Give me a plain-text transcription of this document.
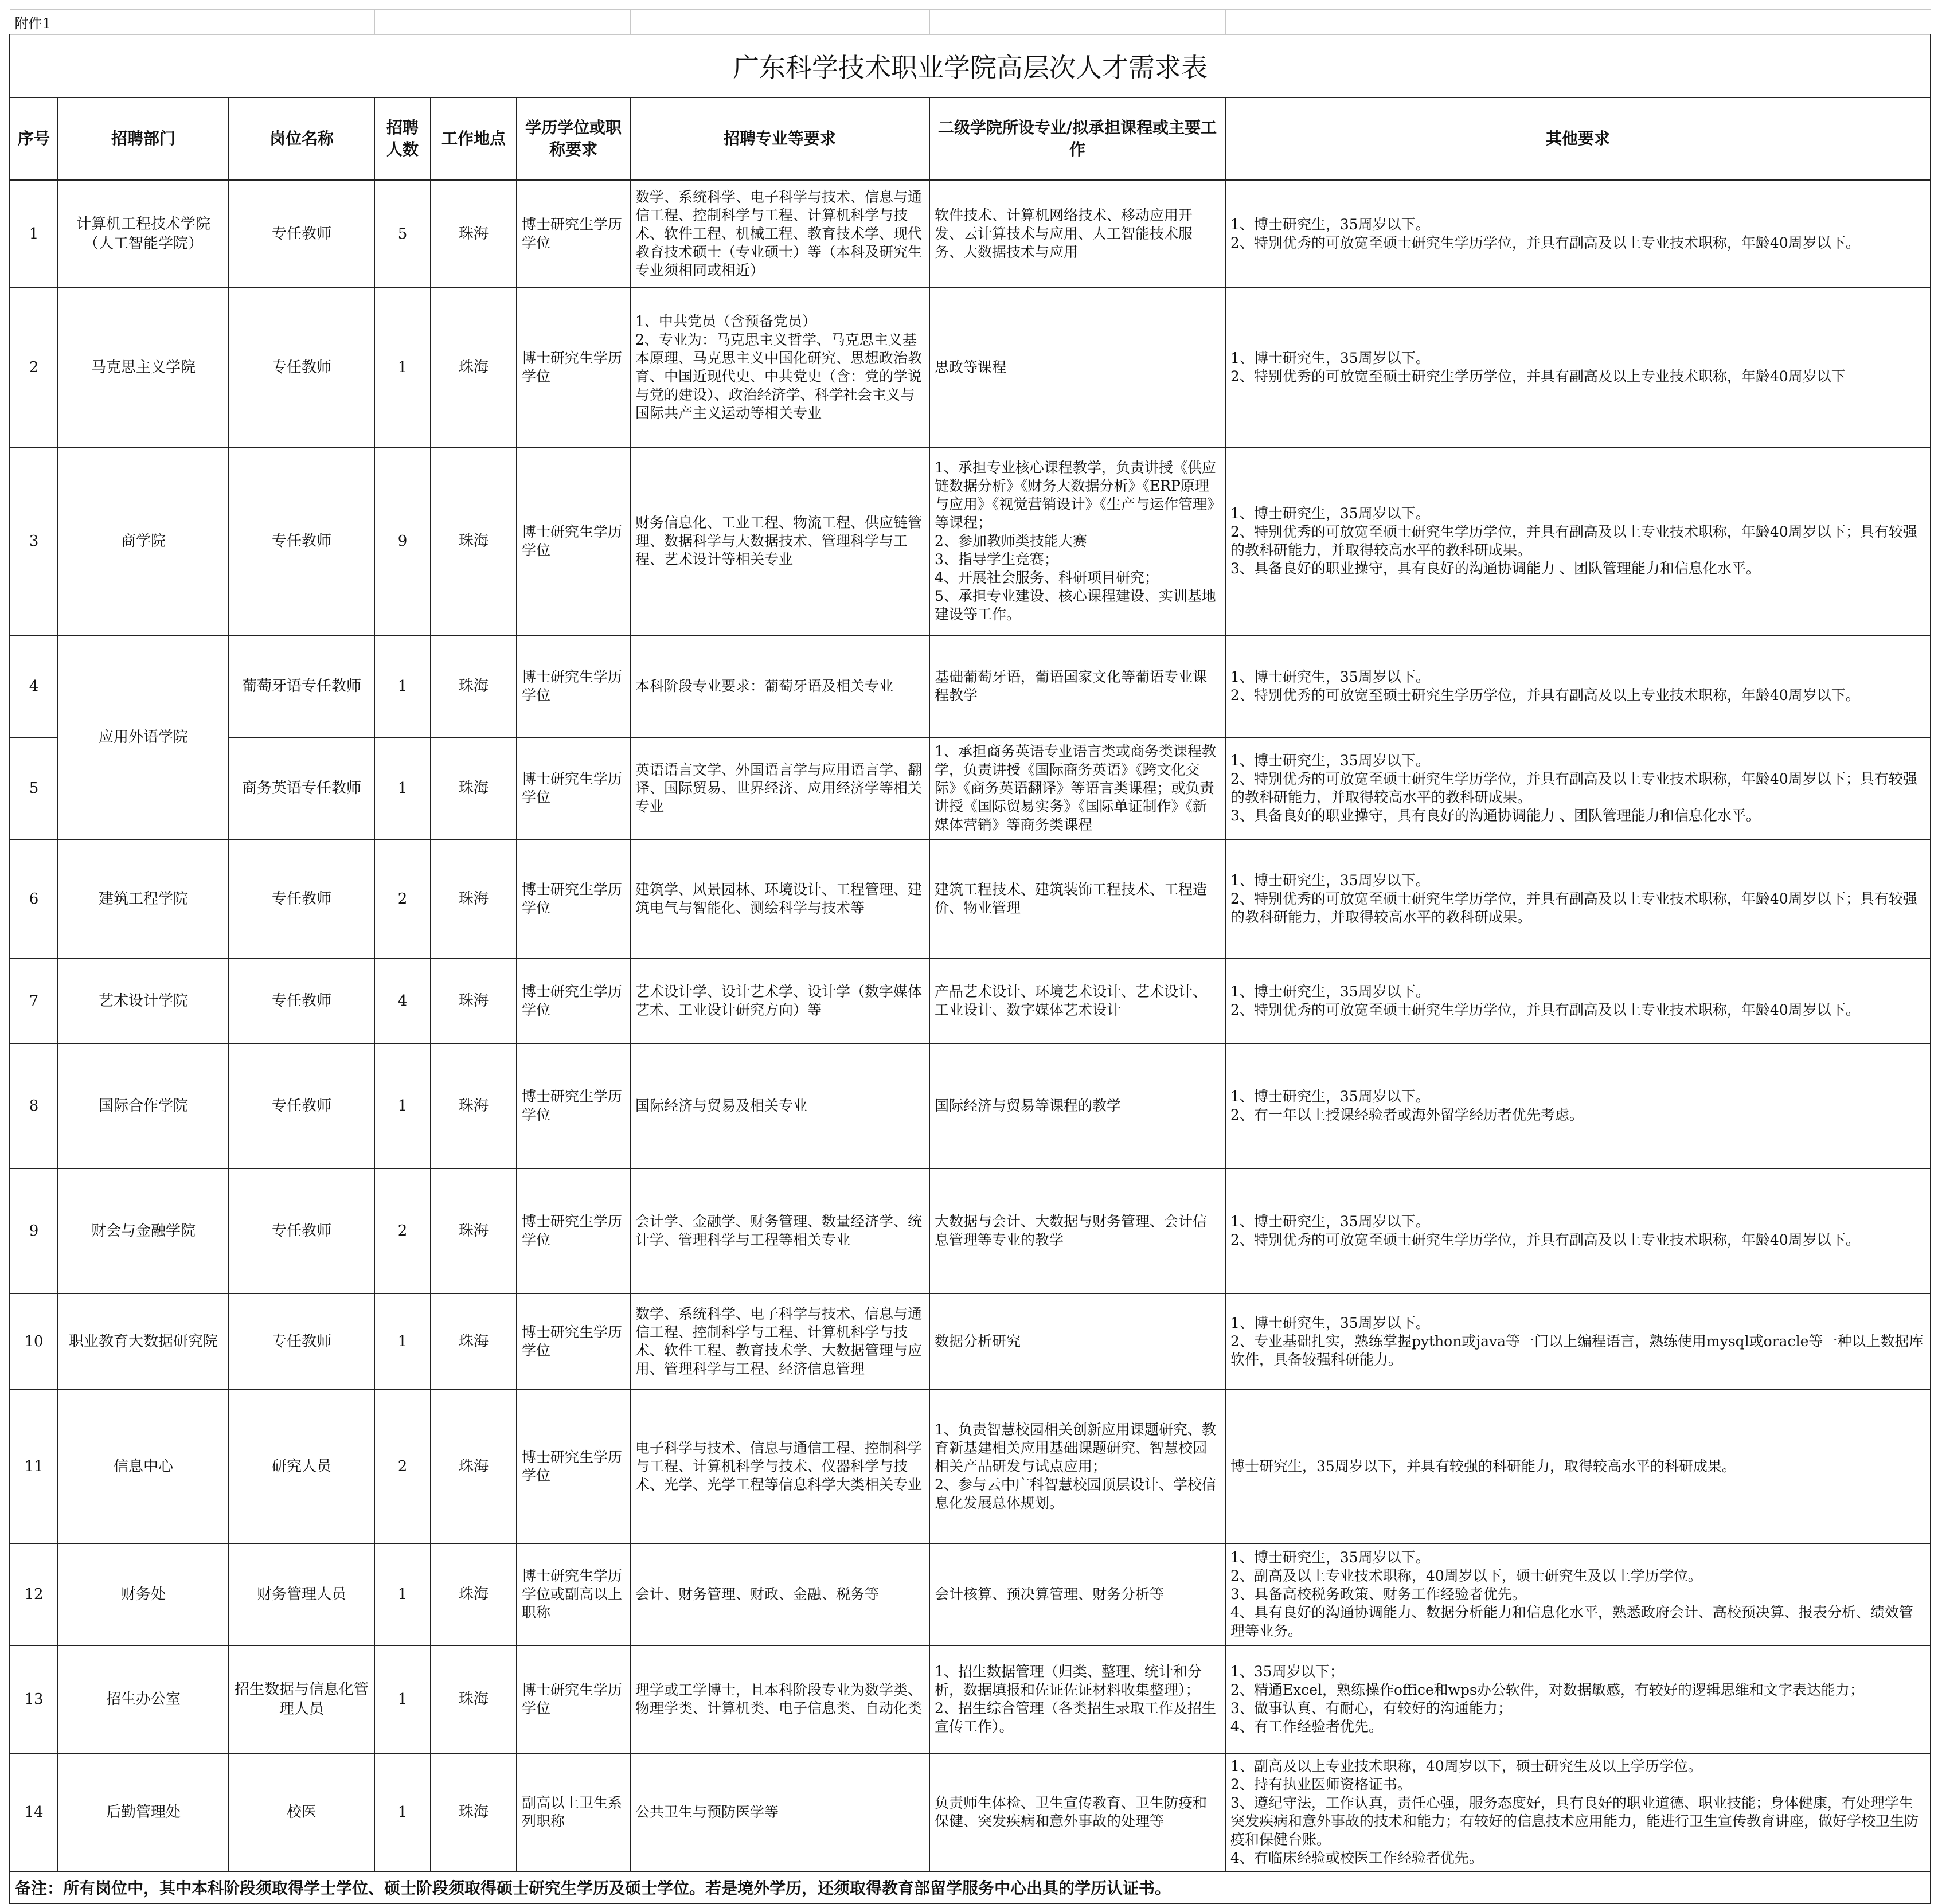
附件1								
广东科学技术职业学院高层次人才需求表								
序号	招聘部门	岗位名称	招聘人数	工作地点	学历学位或职称要求	招聘专业等要求	二级学院所设专业/拟承担课程或主要工作	其他要求
1	计算机工程技术学院（人工智能学院）	专任教师	5	珠海	博士研究生学历学位	数学、系统科学、电子科学与技术、信息与通信工程、控制科学与工程、计算机科学与技术、软件工程、机械工程、教育技术学、现代教育技术硕士（专业硕士）等（本科及研究生专业须相同或相近）	软件技术、计算机网络技术、移动应用开发、云计算技术与应用、人工智能技术服务、大数据技术与应用	1、博士研究生，35周岁以下。
2、特别优秀的可放宽至硕士研究生学历学位，并具有副高及以上专业技术职称，年龄40周岁以下。
2	马克思主义学院	专任教师	1	珠海	博士研究生学历学位	1、中共党员（含预备党员）
2、专业为：马克思主义哲学、马克思主义基本原理、马克思主义中国化研究、思想政治教育、中国近现代史、中共党史（含：党的学说与党的建设）、政治经济学、科学社会主义与国际共产主义运动等相关专业	思政等课程	1、博士研究生，35周岁以下。
2、特别优秀的可放宽至硕士研究生学历学位，并具有副高及以上专业技术职称，年龄40周岁以下
3	商学院	专任教师	9	珠海	博士研究生学历学位	财务信息化、工业工程、物流工程、供应链管理、数据科学与大数据技术、管理科学与工程、艺术设计等相关专业	1、承担专业核心课程教学，负责讲授《供应链数据分析》《财务大数据分析》《ERP原理与应用》《视觉营销设计》《生产与运作管理》等课程；
2、参加教师类技能大赛
3、指导学生竞赛；
4、开展社会服务、科研项目研究；
5、承担专业建设、核心课程建设、实训基地建设等工作。	1、博士研究生，35周岁以下。
2、特别优秀的可放宽至硕士研究生学历学位，并具有副高及以上专业技术职称，年龄40周岁以下；具有较强的教科研能力，并取得较高水平的教科研成果。
3、具备良好的职业操守，具有良好的沟通协调能力 、团队管理能力和信息化水平。
4	应用外语学院	葡萄牙语专任教师	1	珠海	博士研究生学历学位	本科阶段专业要求：葡萄牙语及相关专业	基础葡萄牙语，葡语国家文化等葡语专业课程教学	1、博士研究生，35周岁以下。
2、特别优秀的可放宽至硕士研究生学历学位，并具有副高及以上专业技术职称，年龄40周岁以下。
5		商务英语专任教师	1	珠海	博士研究生学历学位	英语语言文学、外国语言学与应用语言学、翻译、国际贸易、世界经济、应用经济学等相关专业	1、承担商务英语专业语言类或商务类课程教学，负责讲授《国际商务英语》《跨文化交际》《商务英语翻译》等语言类课程；或负责讲授《国际贸易实务》《国际单证制作》《新媒体营销》等商务类课程	1、博士研究生，35周岁以下。
2、特别优秀的可放宽至硕士研究生学历学位，并具有副高及以上专业技术职称，年龄40周岁以下；具有较强的教科研能力，并取得较高水平的教科研成果。
3、具备良好的职业操守，具有良好的沟通协调能力 、团队管理能力和信息化水平。
6	建筑工程学院	专任教师	2	珠海	博士研究生学历学位	建筑学、风景园林、环境设计、工程管理、建筑电气与智能化、测绘科学与技术等	建筑工程技术、建筑装饰工程技术、工程造价、物业管理	1、博士研究生，35周岁以下。
2、特别优秀的可放宽至硕士研究生学历学位，并具有副高及以上专业技术职称，年龄40周岁以下；具有较强的教科研能力，并取得较高水平的教科研成果。
7	艺术设计学院	专任教师	4	珠海	博士研究生学历学位	艺术设计学、设计艺术学、设计学（数字媒体艺术、工业设计研究方向）等	产品艺术设计、环境艺术设计、艺术设计、工业设计、数字媒体艺术设计	1、博士研究生，35周岁以下。
2、特别优秀的可放宽至硕士研究生学历学位，并具有副高及以上专业技术职称，年龄40周岁以下。
8	国际合作学院	专任教师	1	珠海	博士研究生学历学位	国际经济与贸易及相关专业	国际经济与贸易等课程的教学	1、博士研究生，35周岁以下。
2、有一年以上授课经验者或海外留学经历者优先考虑。
9	财会与金融学院	专任教师	2	珠海	博士研究生学历学位	会计学、金融学、财务管理、数量经济学、统计学、管理科学与工程等相关专业	大数据与会计、大数据与财务管理、会计信息管理等专业的教学	1、博士研究生，35周岁以下。
2、特别优秀的可放宽至硕士研究生学历学位，并具有副高及以上专业技术职称，年龄40周岁以下。
10	职业教育大数据研究院	专任教师	1	珠海	博士研究生学历学位	数学、系统科学、电子科学与技术、信息与通信工程、控制科学与工程、计算机科学与技术、软件工程、教育技术学、大数据管理与应用、管理科学与工程、经济信息管理	数据分析研究	1、博士研究生，35周岁以下。
2、专业基础扎实，熟练掌握python或java等一门以上编程语言，熟练使用mysql或oracle等一种以上数据库软件，具备较强科研能力。
11	信息中心	研究人员	2	珠海	博士研究生学历学位	电子科学与技术、信息与通信工程、控制科学与工程、计算机科学与技术、仪器科学与技术、光学、光学工程等信息科学大类相关专业	1、负责智慧校园相关创新应用课题研究、教育新基建相关应用基础课题研究、智慧校园相关产品研发与试点应用；
2、参与云中广科智慧校园顶层设计、学校信息化发展总体规划。	博士研究生，35周岁以下，并具有较强的科研能力，取得较高水平的科研成果。
12	财务处	财务管理人员	1	珠海	博士研究生学历学位或副高以上职称	会计、财务管理、财政、金融、税务等	会计核算、预决算管理、财务分析等	1、博士研究生，35周岁以下。
2、副高及以上专业技术职称，40周岁以下，硕士研究生及以上学历学位。
3、具备高校税务政策、财务工作经验者优先。
4、具有良好的沟通协调能力、数据分析能力和信息化水平，熟悉政府会计、高校预决算、报表分析、绩效管理等业务。
13	招生办公室	招生数据与信息化管理人员	1	珠海	博士研究生学历学位	理学或工学博士，且本科阶段专业为数学类、物理学类、计算机类、电子信息类、自动化类	1、招生数据管理（归类、整理、统计和分析，数据填报和佐证佐证材料收集整理）；
2、招生综合管理（各类招生录取工作及招生宣传工作）。	1、35周岁以下；
2、精通Excel，熟练操作office和wps办公软件，对数据敏感，有较好的逻辑思维和文字表达能力；
3、做事认真、有耐心，有较好的沟通能力；
4、有工作经验者优先。
14	后勤管理处	校医	1	珠海	副高以上卫生系列职称	公共卫生与预防医学等	负责师生体检、卫生宣传教育、卫生防疫和保健、突发疾病和意外事故的处理等	1、副高及以上专业技术职称，40周岁以下，硕士研究生及以上学历学位。
2、持有执业医师资格证书。
3、遵纪守法，工作认真，责任心强，服务态度好，具有良好的职业道德、职业技能；身体健康，有处理学生突发疾病和意外事故的技术和能力；有较好的信息技术应用能力，能进行卫生宣传教育讲座，做好学校卫生防疫和保健台账。
4、有临床经验或校医工作经验者优先。
备注：所有岗位中，其中本科阶段须取得学士学位、硕士阶段须取得硕士研究生学历及硕士学位。若是境外学历，还须取得教育部留学服务中心出具的学历认证书。								
